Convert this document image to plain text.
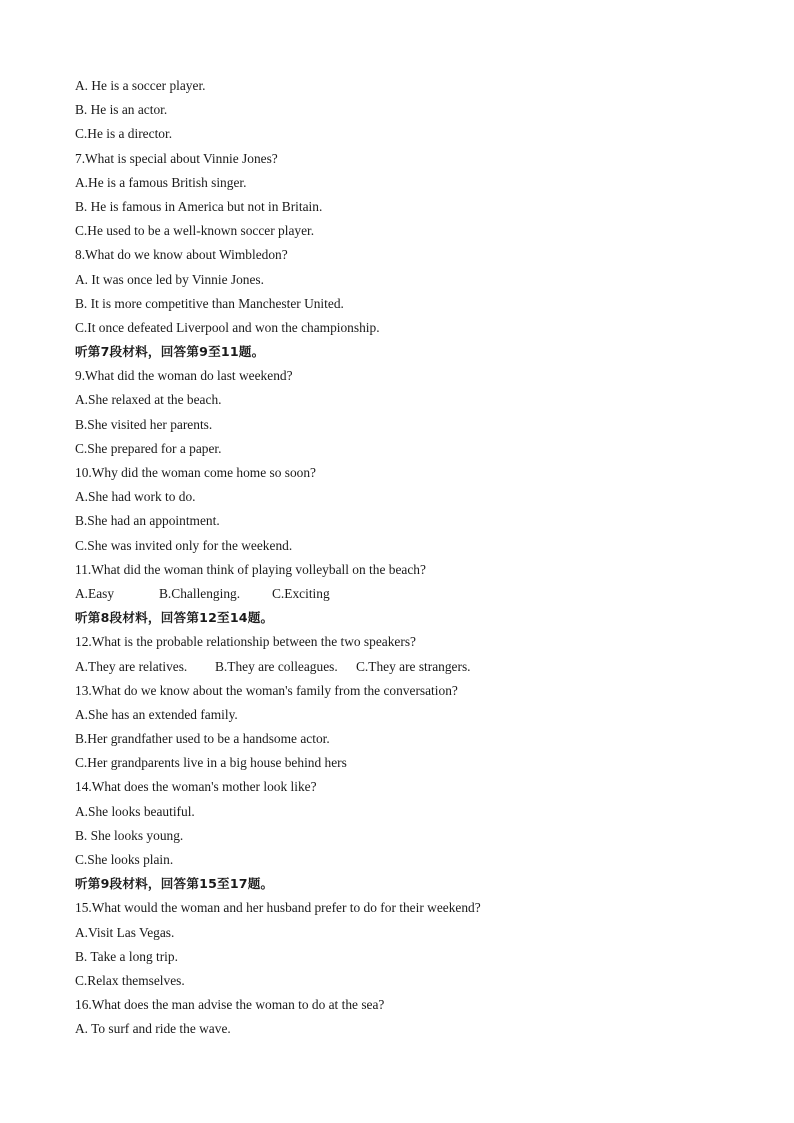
A. He is a soccer player.
B. He is an actor.
C.He is a director.
7.What is special about Vinnie Jones?
A.He is a famous British singer.
B. He is famous in America but not in Britain.
C.He used to be a well-known soccer player.
8.What do we know about Wimbledon?
A. It was once led by Vinnie Jones.
B. It is more competitive than Manchester United.
C.It once defeated Liverpool and won the championship.
听第7段材料，回答第9至11题。
9.What did the woman do last weekend?
A.She relaxed at the beach.
B.She visited her parents.
C.She prepared for a paper.
10.Why did the woman come home so soon?
A.She had work to do.
B.She had an appointment.
C.She was invited only for the weekend.
11.What did the woman think of playing volleyball on the beach?
A.Easy	B.Challenging.	C.Exciting
听第8段材料，回答第12至14题。
12.What is the probable relationship between the two speakers?
A.They are relatives.	B.They are colleagues.	C.They are strangers.
13.What do we know about the woman's family from the conversation?
A.She has an extended family.
B.Her grandfather used to be a handsome actor.
C.Her grandparents live in a big house behind hers
14.What does the woman's mother look like?
A.She looks beautiful.
B. She looks young.
C.She looks plain.
听第9段材料，回答第15至17题。
15.What would the woman and her husband prefer to do for their weekend?
A.Visit Las Vegas.
B. Take a long trip.
C.Relax themselves.
16.What does the man advise the woman to do at the sea?
A. To surf and ride the wave.
